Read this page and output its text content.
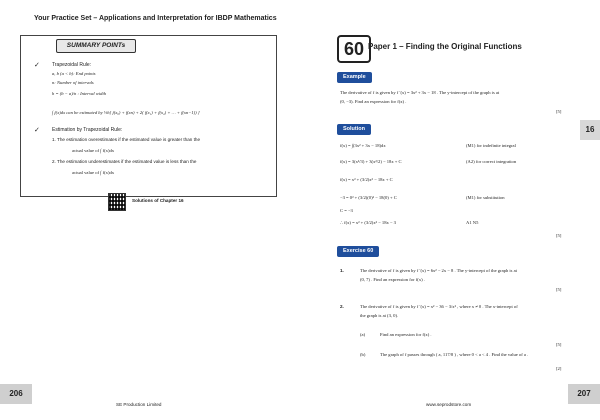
Your Practice Set – Applications and Interpretation for IBDP Mathematics
SUMMARY POINTs
✓ Trapezoidal Rule:
a, b (a < b): End points
n: Number of intervals
h = (b − a)/n : Interval width
∫ f(x)dx can be estimated by ½h[ f(x₀) + f(xn) + 2( f(x₁) + f(x₂) + … + f(xn−1)) ]
✓ Estimation by Trapezoidal Rule:
1. The estimation overestimates if the estimated value is greater than the
actual value of ∫ f(x)dx
2. The estimation underestimates if the estimated value is less than the
actual value of ∫ f(x)dx
Solutions of Chapter 16
60 Paper 1 – Finding the Original Functions
Example
The derivative of f is given by f ′(x) = 3x² + 3x − 18 . The y-intercept of the graph is at
(0, −3). Find an expression for f(x) .
[5]
Solution
f(x) = ∫(3x² + 3x − 18)dx	(M1) for indefinite integral
f(x) = 3(x³/3) + 3(x²/2) − 18x + C	(A2) for correct integration
f(x) = x³ + (3/2)x² − 18x + C
−3 = 0³ + (3/2)(0)² − 18(0) + C	(M1) for substitution
C = −3
∴ f(x) = x³ + (3/2)x² − 18x − 3	A1 N5
[5]
Exercise 60
1.	The derivative of f is given by f ′(x) = 6x² − 2x − 8 . The y-intercept of the graph is at
(0, 7) . Find an expression for f(x) .
[5]
2.	The derivative of f is given by f ′(x) = x² − 36 − 3/x² , where x ≠ 0 . The x-intercept of
the graph is at (3, 0).
(a)	Find an expression for f(x) .
[5]
(b)	The graph of f passes through ( a, 117/8 ) , where 0 < a < 4 . Find the value of a .
[2]
16
206	207
SE Production Limited	www.seprodstore.com
